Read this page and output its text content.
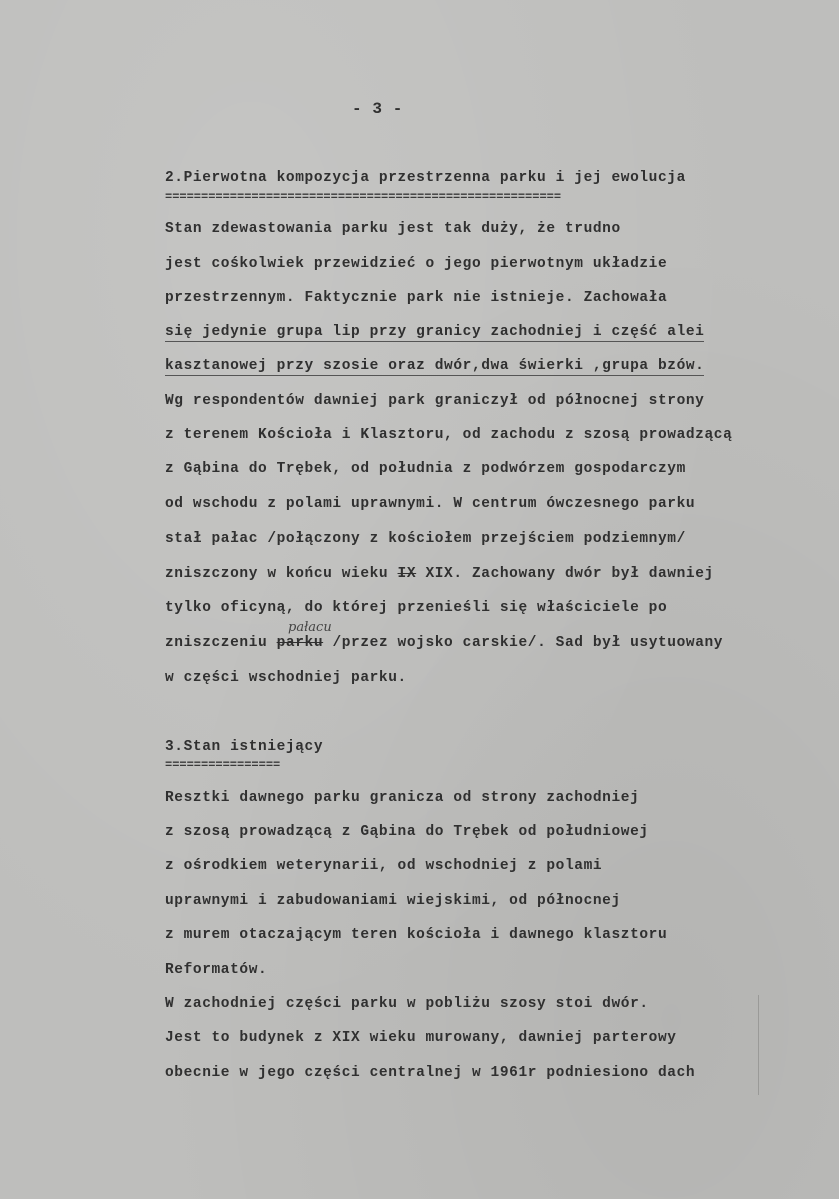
- 3 -
2.Pierwotna kompozycja przestrzenna parku i jej ewolucja
=======================================================
Stan zdewastowania parku jest tak duży, że trudno
jest cośkolwiek przewidzieć o jego pierwotnym układzie
przestrzennym. Faktycznie park nie istnieje. Zachowała
się jedynie grupa lip przy granicy zachodniej i część alei
kasztanowej przy szosie oraz dwór,dwa świerki ,grupa bzów.
Wg respondentów dawniej park graniczył od północnej strony
z terenem Kościoła i Klasztoru, od zachodu z szosą prowadzącą
z Gąbina do Trębek, od południa z podwórzem gospodarczym
od wschodu z polami uprawnymi. W centrum ówczesnego parku
stał pałac /połączony z kościołem przejściem podziemnym/
zniszczony w końcu wieku IX XIX. Zachowany dwór był dawniej
tylko oficyną, do której przenieśli się właściciele po
pałacu
zniszczeniu parku /przez wojsko carskie/. Sad był usytuowany
w części wschodniej parku.
3.Stan istniejący
================
Resztki dawnego parku granicza od strony zachodniej
z szosą prowadzącą z Gąbina do Trębek od południowej
z ośrodkiem weterynarii, od wschodniej z polami
uprawnymi i zabudowaniami wiejskimi, od północnej
z murem otaczającym teren kościoła i dawnego klasztoru
Reformatów.
W zachodniej części parku w pobliżu szosy stoi dwór.
Jest to budynek z XIX wieku murowany, dawniej parterowy
obecnie w jego części centralnej w 1961r podniesiono dach
